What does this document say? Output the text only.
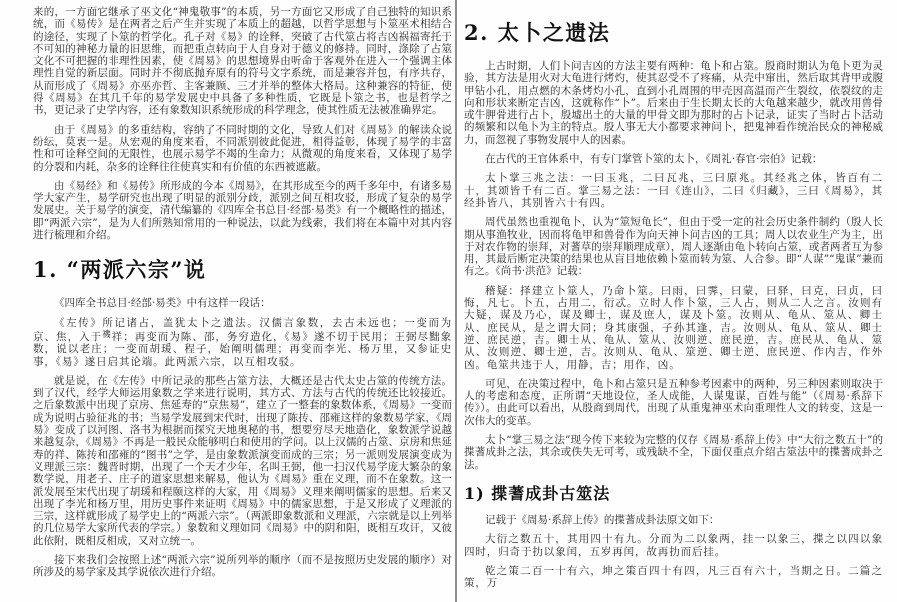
来的，一方面它继承了巫文化“神鬼敬事”的本质，另一方面它又形成了自己独特的知识系统，而《易传》是在两者之后产生并实现了本质上的超越，以哲学思想与卜筮巫术相结合的途径，实现了卜筮的哲学化。孔子对《易》的诠释，突破了古代筮占将吉凶祸福寄托于不可知的神秘力量的旧思维，而把重点转向于人自身对于德义的修持。同时，涤除了占筮文化不可把握的非理性因素，使《周易》的思想境界由听命于客观外在进入一个强调主体理性自觉的新层面。同时并不彻底抛弃原有的符号文字系统，而是兼容并包，有序共存，从而形成了《周易》亦巫亦哲、主客兼顾、三才并举的整体大格局。这种兼容的特征，使得《周易》在其几千年的易学发展史中具备了多种性质，它既是卜筮之书，也是哲学之书，更记录了史学内容，还有象数知识系统形成的科学理念，使其性质无法被准确界定。

由于《周易》的多重结构，容纳了不同时期的文化，导致人们对《周易》的解读众说纷纭，莫衷一是。从宏观的角度来看，不同派别彼此促进，相得益彰，体现了易学的丰富性和可诠释空间的无限性，也展示易学不竭的生命力；从微观的角度来看，又体现了易学的分裂和内耗，杂多的诠释往往使真实和有价值的东西被遮蔽。

由《易经》和《易传》所形成的今本《周易》，在其形成至今的两千多年中，有诸多易学大家产生，易学研究也出现了明显的派别分歧，派别之间互相攻驳，形成了复杂的易学发展史。关于易学的演变，清代编纂的《四库全书总目·经部·易类》有一个概略性的描述，即“两派六宗”，是为人们所熟知常用的一种说法，以此为线索，我们将在本篇中对其内容进行梳理和介绍。

1. “两派六宗”说

《四库全书总目·经部·易类》中有这样一段话：

《左传》所记诸占，盖犹太卜之遗法。汉儒言象数，去古未远也；一变而为京、焦，入于$^禨$祥；再变而为陈、邵，务穷造化，《易》遂不切于民用；王弼尽黜象数，说以老庄；一变而胡瑗、程子，始阐明儒理；再变而李光、杨万里，又参证史事，《易》遂日启其论端。此两派六宗，以互相攻驳。

就是说，在《左传》中所记录的那些占筮方法，大概还是古代太史占筮的传统方法。到了汉代，经学大师运用象数之学来进行说明，其方式、方法与古代的传统还比较接近。之后象数派中出现了京房、焦延寿的“京焦易”，建立了一整套的象数体系，《周易》一变而成为说明占验征兆的书；当易学发展到宋代时，出现了陈抟、邵雍这样的象数易学家，《周易》变成了以河图、洛书为根据而探究天地奥秘的书，想要穷尽天地造化，象数派学说越来越复杂，《周易》不再是一般民众能够明白和使用的学问。以上汉儒的占筮、京房和焦延寿的祥、陈抟和邵雍的“图书”之学，是由象数派演变而成的三宗；另一派则发展演变成为义理派三宗：魏晋时期，出现了一个天才少年，名叫王弼，他一扫汉代易学庞大繁杂的象数学说，用老子、庄子的道家思想来解易，他认为《周易》重在义理，而不在象数。这一派发展至宋代出现了胡瑗和程颐这样的大家，用《周易》义理来阐明儒家的思想。后来又出现了李光和杨万里，用历史事件来证明《周易》中的儒家思想，于是又形成了义理派的三宗，这样就形成了易学史上的“两派六宗”。（两派即象数派和义理派，六宗就是以上列举的几位易学大家所代表的学宗。）象数和义理如同《周易》中的阴和阳，既相互攻讦，又彼此依附，既相反相成，又对立统一。

接下来我们会按照上述“两派六宗”说所列举的顺序（而不是按照历史发展的顺序）对所涉及的易学家及其学说依次进行介绍。

2. 太卜之遗法

上古时期，人们卜问吉凶的方法主要有两种：龟卜和占筮。殷商时期认为龟卜更为灵验，其方法是用火对大龟进行烤灼，使其忍受不了疼痛，从壳中窜出，然后取其背甲或腹甲钻小孔，用点燃的木条烤灼小孔，直到小孔周围的甲壳因高温而产生裂纹，依裂纹的走向和形状来断定吉凶，这就称作“卜”。后来由于生长期太长的大龟越来越少，就改用兽骨或牛胛骨进行占卜，殷墟出土的大量的甲骨文即为那时的占卜记录，证实了当时占卜活动的频繁和以龟卜为主的特点。殷人事无大小都要求神问卜，把鬼神看作统治民众的神秘威力，而忽视了事物发展中人的因素。

在古代的王官体系中，有专门掌管卜筮的太卜，《周礼·春官·宗伯》记载：

太卜掌三兆之法：一曰玉兆，二曰瓦兆，三曰原兆。其经兆之体，皆百有二十，其颂皆千有二百。掌三易之法：一曰《连山》，二曰《归藏》，三曰《周易》，其经卦皆八，其别皆六十有四。

周代虽然也重视龟卜，认为“筮短龟长”，但由于受一定的社会历史条件制约（殷人长期从事渔牧业，因而将龟甲和兽骨作为向天神卜问吉凶的工具；周人以农业生产为主，出于对农作物的崇拜，对蓍草的崇拜顺理成章），周人逐渐由龟卜转向占筮，或者两者互为参用，其最后断定决策的结果也从盲目地依赖卜筮而转为筮、人合参。即“人谋”“鬼谋”兼而有之。《尚书·洪范》记载：

稽疑：择建立卜筮人，乃命卜筮。曰雨，曰霁，曰蒙，曰驿，曰克，曰贞，曰悔，凡七。卜五，占用二，衍忒。立时人作卜筮，三人占，则从二人之言。汝则有大疑，谋及乃心，谋及卿士，谋及庶人，谋及卜筮。汝则从、龟从、筮从、卿士从、庶民从，是之谓大同；身其康强，子孙其逢，吉。汝则从、龟从、筮从、卿士逆、庶民逆，吉。卿士从、龟从、筮从、汝则逆、庶民逆，吉。庶民从、龟从、筮从、汝则逆、卿士逆，吉。汝则从、龟从、筮逆、卿士逆、庶民逆、作内吉，作外凶。龟筮共违于人，用静，吉；用作，凶。

可见，在决策过程中，龟卜和占筮只是五种参考因素中的两种，另三种因素则取决于人的考虑和态度，正所谓“天地设位，圣人成能，人谋鬼谋，百姓与能”（《周易·系辞下传》）。由此可以看出，从殷商到周代，出现了从重鬼神巫术向重理性人文的转变，这是一次伟大的变革。

太卜“掌三易之法”现今传下来较为完整的仅存《周易·系辞上传》中“大衍之数五十”的揲蓍成卦之法，其余或佚失无可考，或残缺不全，下面仅重点介绍古筮法中的揲蓍成卦之法。

1) 揲蓍成卦古筮法

记载于《周易·系辞上传》的揲蓍成卦法原文如下：

大衍之数五十，其用四十有九。分而为二以象两，挂一以象三，揲之以四以象四时，归奇于扐以象闰，五岁再闰，故再扐而后挂。

乾之策二百一十有六，坤之策百四十有四，凡三百有六十，当期之日。二篇之策，万
